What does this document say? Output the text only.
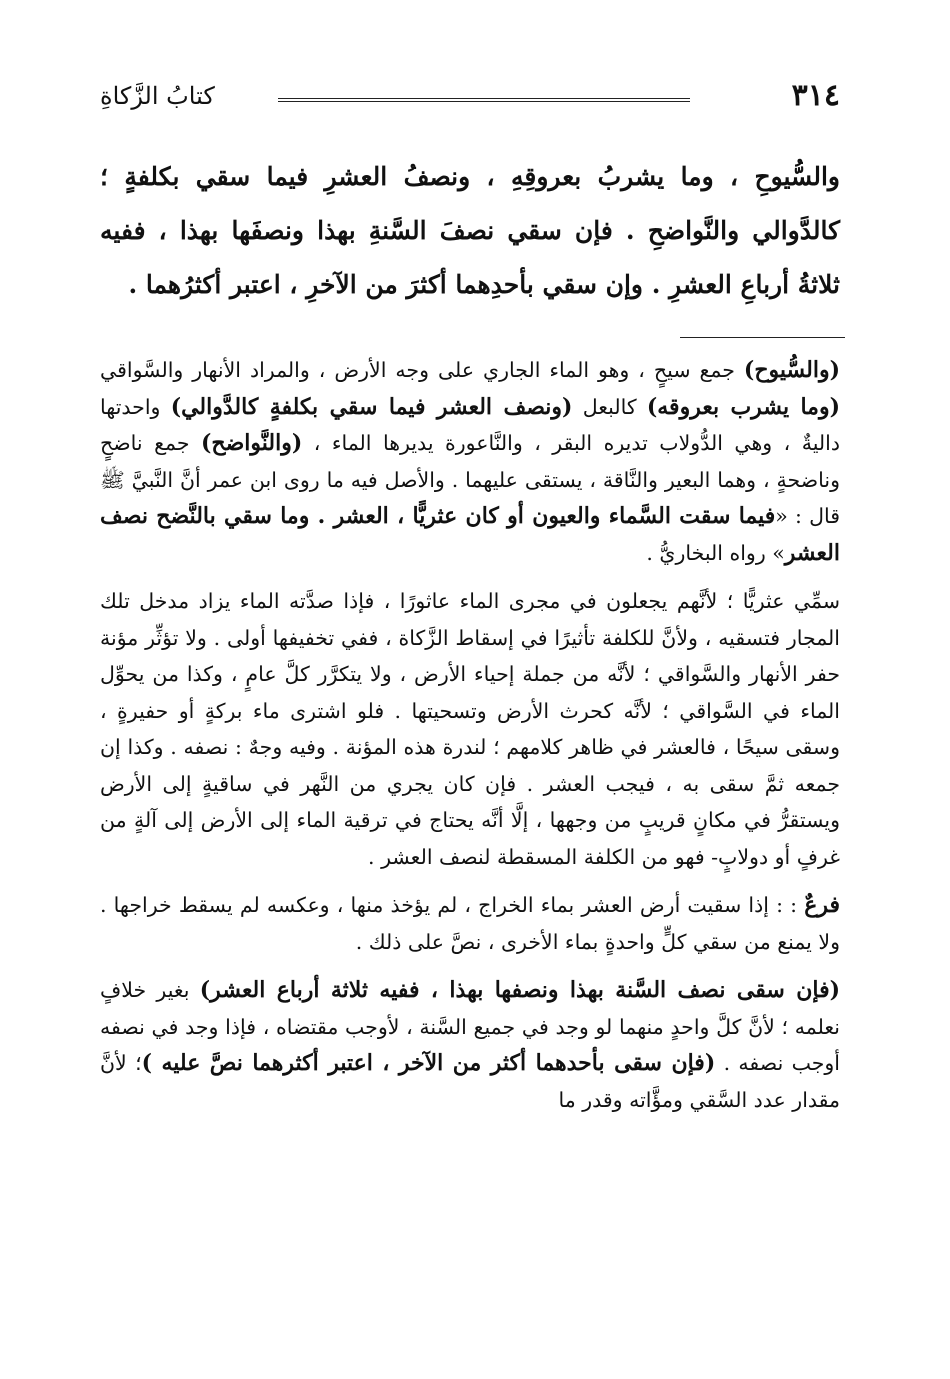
٣١٤
كتابُ الزَّكاةِ
والسُّيوحِ ، وما يشربُ بعروقِهِ ، ونصفُ العشرِ فيما سقي بكلفةٍ ؛ كالدَّوالي والنَّواضحِ . فإن سقي نصفَ السَّنةِ بهذا ونصفَها بهذا ، ففيه ثلاثةُ أرباعِ العشرِ . وإن سقي بأحدِهما أكثرَ من الآخرِ ، اعتبر أكثرُهما .

(والسُّيوح) جمع سيحٍ ، وهو الماء الجاري على وجه الأرض ، والمراد الأنهار والسَّواقي (وما يشرب بعروقه) كالبعل (ونصف العشر فيما سقي بكلفةٍ كالدَّوالي) واحدتها داليةٌ ، وهي الدُّولاب تديره البقر ، والنَّاعورة يديرها الماء ، (والنَّواضح) جمع ناضحٍ وناضحةٍ ، وهما البعير والنَّاقة ، يستقى عليهما . والأصل فيه ما روى ابن عمر أنَّ النَّبيَّ ﷺ قال : «فيما سقت السَّماء والعيون أو كان عثريًّا ، العشر . وما سقي بالنَّضح نصف العشر» رواه البخاريُّ .

سمِّي عثريًّا ؛ لأنَّهم يجعلون في مجرى الماء عاثورًا ، فإذا صدَّته الماء يزاد مدخل تلك المجار فتسقيه ، ولأنَّ للكلفة تأثيرًا في إسقاط الزَّكاة ، ففي تخفيفها أولى . ولا تؤثِّر مؤنة حفر الأنهار والسَّواقي ؛ لأنَّه من جملة إحياء الأرض ، ولا يتكرَّر كلَّ عامٍ ، وكذا من يحوِّل الماء في السَّواقي ؛ لأنَّه كحرث الأرض وتسحيتها . فلو اشترى ماء بركةٍ أو حفيرةٍ ، وسقى سيحًا ، فالعشر في ظاهر كلامهم ؛ لندرة هذه المؤنة . وفيه وجهٌ : نصفه . وكذا إن جمعه ثمَّ سقى به ، فيجب العشر . فإن كان يجري من النَّهر في ساقيةٍ إلى الأرض ويستقرُّ في مكانٍ قريبٍ من وجهها ، إلَّا أنَّه يحتاج في ترقية الماء إلى الأرض إلى آلةٍ من غرفٍ أو دولابٍ- فهو من الكلفة المسقطة لنصف العشر .

فرعٌ : : إذا سقيت أرض العشر بماء الخراج ، لم يؤخذ منها ، وعكسه لم يسقط خراجها . ولا يمنع من سقي كلٍّ واحدةٍ بماء الأخرى ، نصَّ على ذلك .

(فإن سقى نصف السَّنة بهذا ونصفها بهذا ، ففيه ثلاثة أرباع العشر) بغير خلافٍ نعلمه ؛ لأنَّ كلَّ واحدٍ منهما لو وجد في جميع السَّنة ، لأوجب مقتضاه ، فإذا وجد في نصفه أوجب نصفه . (فإن سقى بأحدهما أكثر من الآخر ، اعتبر أكثرهما نصَّ عليه )؛ لأنَّ مقدار عدد السَّقي ومؤَّاته وقدر ما
